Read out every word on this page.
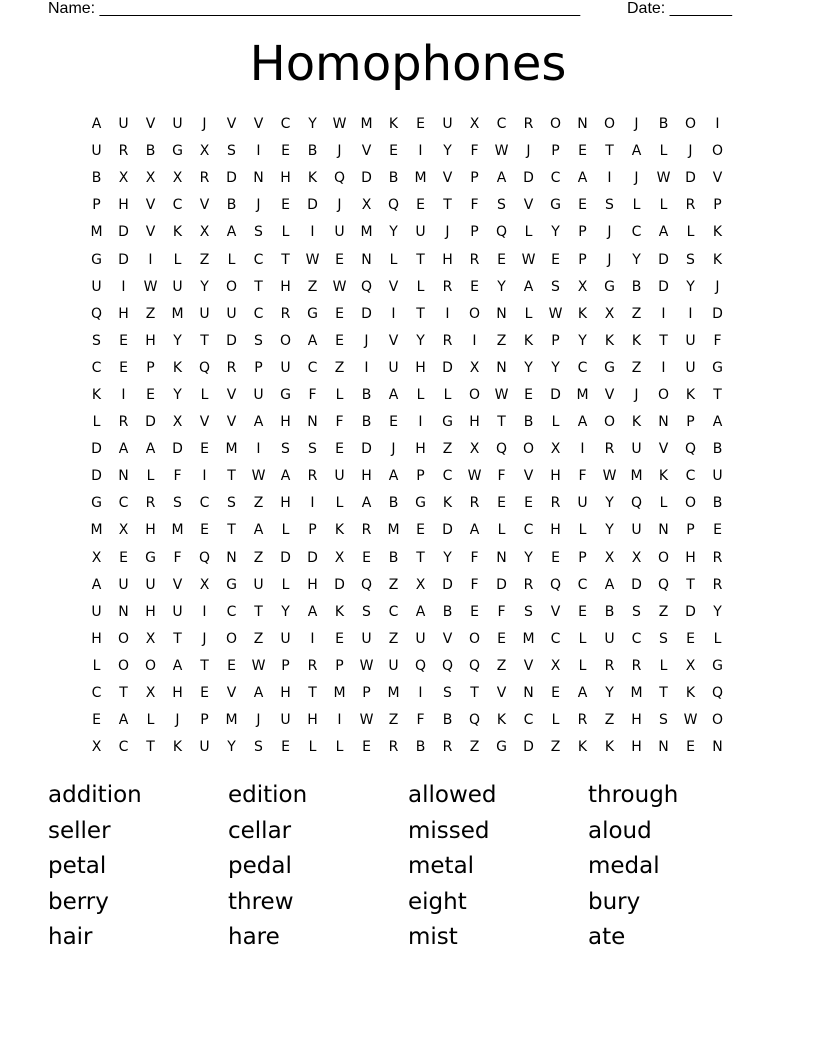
Name: ______________________________________________________

	Date: _______

Homophones
A	U	V	U	J	V	V	C	Y	W	M	K	E	U	X	C	R	O	N	O	J	B	O	I
U	R	B	G	X	S	I	E	B	J	V	E	I	Y	F	W	J	P	E	T	A	L	J	O
B	X	X	X	R	D	N	H	K	Q	D	B	M	V	P	A	D	C	A	I	J	W	D	V
P	H	V	C	V	B	J	E	D	J	X	Q	E	T	F	S	V	G	E	S	L	L	R	P
M	D	V	K	X	A	S	L	I	U	M	Y	U	J	P	Q	L	Y	P	J	C	A	L	K
G	D	I	L	Z	L	C	T	W	E	N	L	T	H	R	E	W	E	P	J	Y	D	S	K
U	I	W	U	Y	O	T	H	Z	W	Q	V	L	R	E	Y	A	S	X	G	B	D	Y	J
Q	H	Z	M	U	U	C	R	G	E	D	I	T	I	O	N	L	W	K	X	Z	I	I	D
S	E	H	Y	T	D	S	O	A	E	J	V	Y	R	I	Z	K	P	Y	K	K	T	U	F
C	E	P	K	Q	R	P	U	C	Z	I	U	H	D	X	N	Y	Y	C	G	Z	I	U	G
K	I	E	Y	L	V	U	G	F	L	B	A	L	L	O	W	E	D	M	V	J	O	K	T
L	R	D	X	V	V	A	H	N	F	B	E	I	G	H	T	B	L	A	O	K	N	P	A
D	A	A	D	E	M	I	S	S	E	D	J	H	Z	X	Q	O	X	I	R	U	V	Q	B
D	N	L	F	I	T	W	A	R	U	H	A	P	C	W	F	V	H	F	W	M	K	C	U
G	C	R	S	C	S	Z	H	I	L	A	B	G	K	R	E	E	R	U	Y	Q	L	O	B
M	X	H	M	E	T	A	L	P	K	R	M	E	D	A	L	C	H	L	Y	U	N	P	E
X	E	G	F	Q	N	Z	D	D	X	E	B	T	Y	F	N	Y	E	P	X	X	O	H	R
A	U	U	V	X	G	U	L	H	D	Q	Z	X	D	F	D	R	Q	C	A	D	Q	T	R
U	N	H	U	I	C	T	Y	A	K	S	C	A	B	E	F	S	V	E	B	S	Z	D	Y
H	O	X	T	J	O	Z	U	I	E	U	Z	U	V	O	E	M	C	L	U	C	S	E	L
L	O	O	A	T	E	W	P	R	P	W	U	Q	Q	Q	Z	V	X	L	R	R	L	X	G
C	T	X	H	E	V	A	H	T	M	P	M	I	S	T	V	N	E	A	Y	M	T	K	Q
E	A	L	J	P	M	J	U	H	I	W	Z	F	B	Q	K	C	L	R	Z	H	S	W	O
X	C	T	K	U	Y	S	E	L	L	E	R	B	R	Z	G	D	Z	K	K	H	N	E	N
addition	edition	allowed	through
seller	cellar	missed	aloud
petal	pedal	metal	medal
berry	threw	eight	bury
hair	hare	mist	ate
